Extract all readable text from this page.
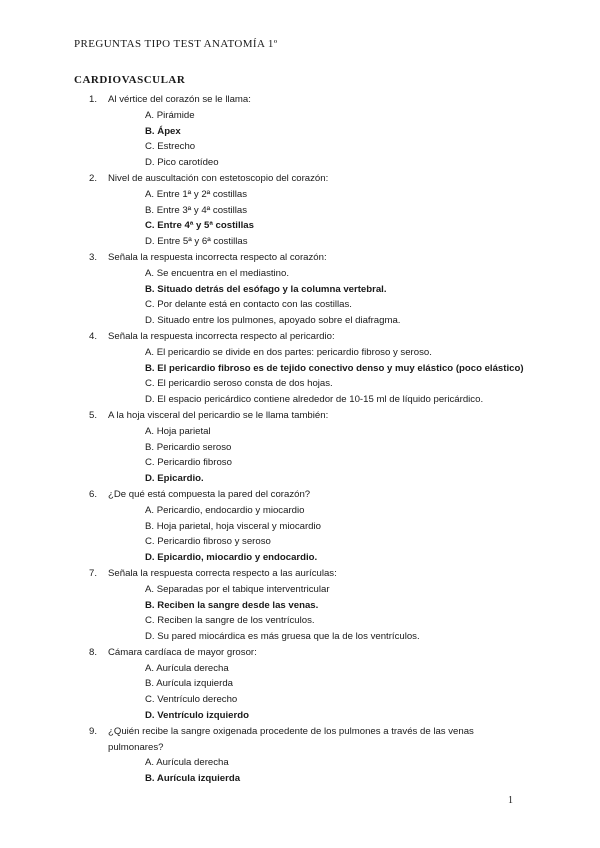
PREGUNTAS TIPO TEST ANATOMÍA 1º
CARDIOVASCULAR
1. Al vértice del corazón se le llama:
A. Pirámide
B. Ápex
C. Estrecho
D. Pico carotídeo
2. Nivel de auscultación con estetoscopio del corazón:
A. Entre 1ª y 2ª costillas
B. Entre 3ª y 4ª costillas
C. Entre 4ª y 5ª costillas
D. Entre 5ª y 6ª costillas
3. Señala la respuesta incorrecta respecto al corazón:
A. Se encuentra en el mediastino.
B. Situado detrás del esófago y la columna vertebral.
C. Por delante está en contacto con las costillas.
D. Situado entre los pulmones, apoyado sobre el diafragma.
4. Señala la respuesta incorrecta respecto al pericardio:
A. El pericardio se divide en dos partes: pericardio fibroso y seroso.
B. El pericardio fibroso es de tejido conectivo denso y muy elástico (poco elástico)
C. El pericardio seroso consta de dos hojas.
D. El espacio pericárdico contiene alrededor de 10-15 ml de líquido pericárdico.
5. A la hoja visceral del pericardio se le llama también:
A. Hoja parietal
B. Pericardio seroso
C. Pericardio fibroso
D. Epicardio.
6. ¿De qué está compuesta la pared del corazón?
A. Pericardio, endocardio y miocardio
B. Hoja parietal, hoja visceral y miocardio
C. Pericardio fibroso y seroso
D. Epicardio, miocardio y endocardio.
7. Señala la respuesta correcta respecto a las aurículas:
A. Separadas por el tabique interventricular
B. Reciben la sangre desde las venas.
C. Reciben la sangre de los ventrículos.
D. Su pared miocárdica es más gruesa que la de los ventrículos.
8. Cámara cardíaca de mayor grosor:
A. Aurícula derecha
B. Aurícula izquierda
C. Ventrículo derecho
D. Ventrículo izquierdo
9. ¿Quién recibe la sangre oxigenada procedente de los pulmones a través de las venas pulmonares?
A. Aurícula derecha
B. Aurícula izquierda
1
